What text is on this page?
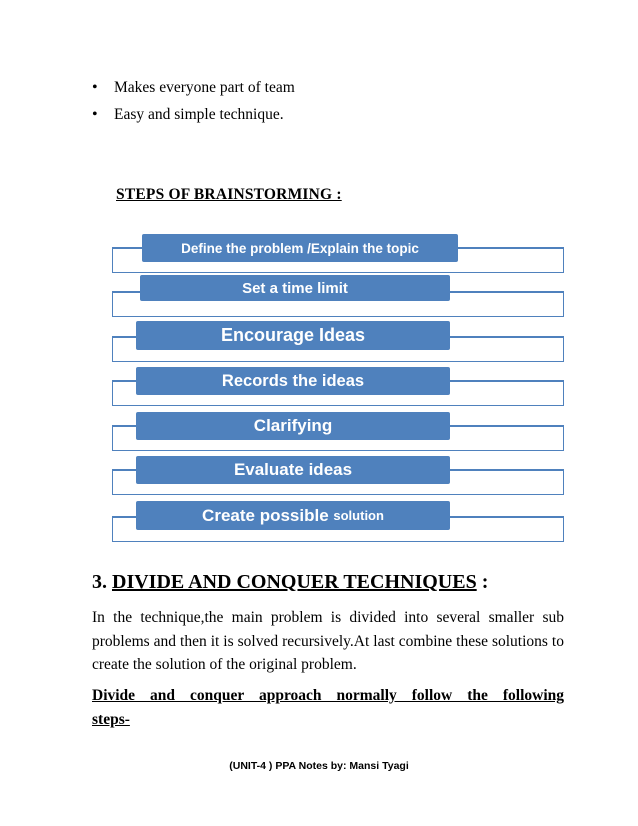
• Makes everyone part of team
• Easy and simple technique.
STEPS OF BRAINSTORMING :
Define the problem /Explain the topic
Set a time limit
Encourage Ideas
Records the ideas
Clarifying
Evaluate ideas
Create possible
solution
3. DIVIDE AND CONQUER TECHNIQUES :

In the technique,the main problem is divided into several smaller sub problems and then it is solved recursively.At last combine these solutions to create the solution of the original problem.

Divide and conquer approach normally follow the following

steps-

(UNIT-4 ) PPA Notes by: Mansi Tyagi
